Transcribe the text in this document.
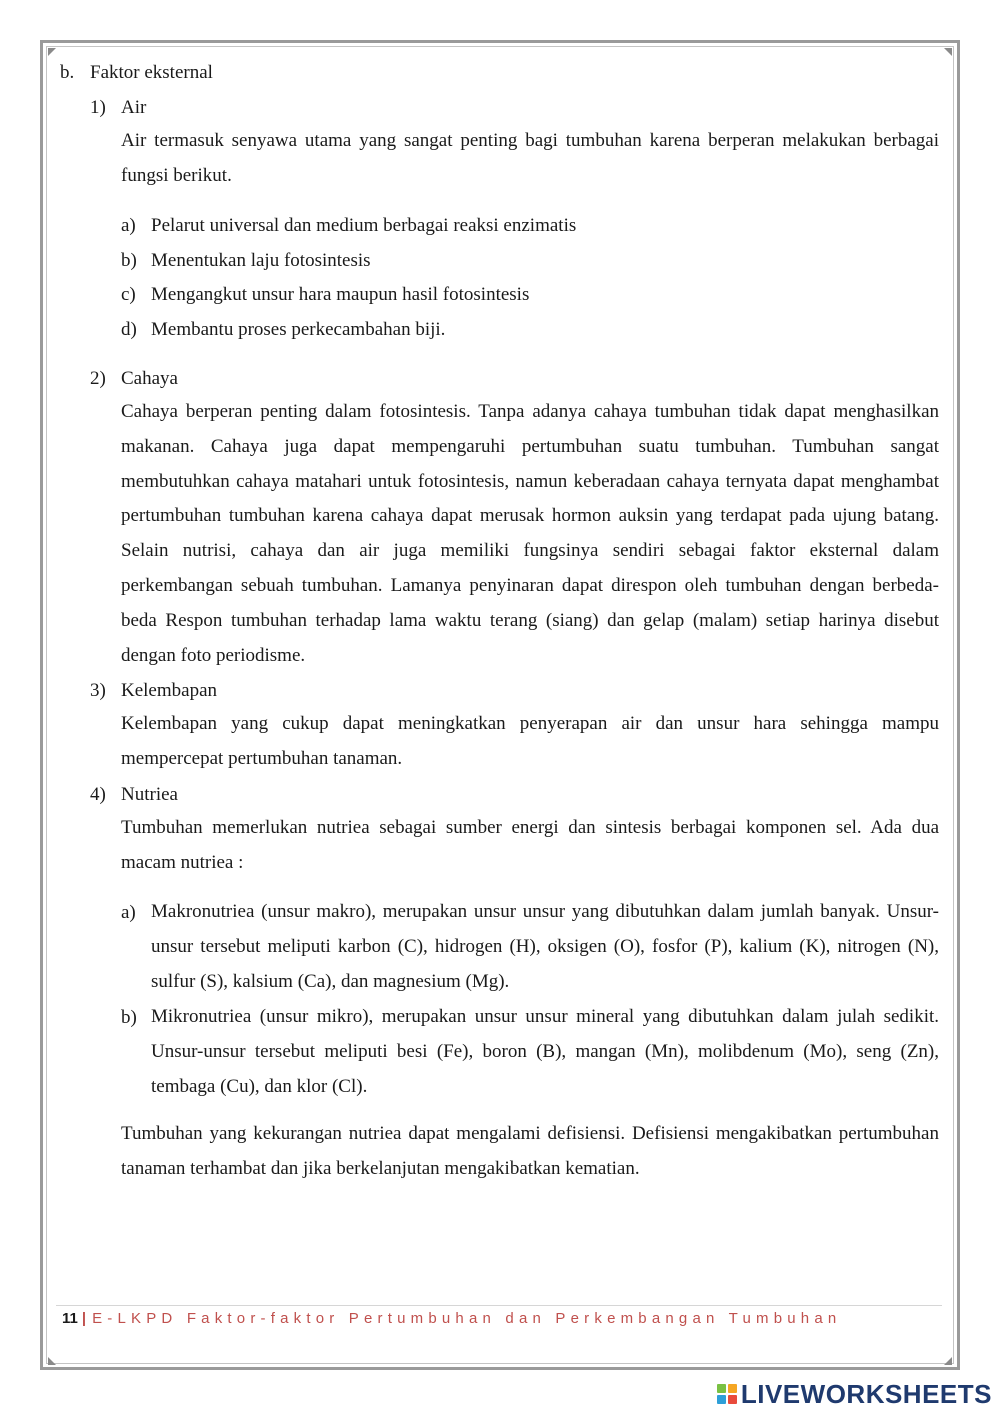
b. Faktor eksternal
1) Air
Air termasuk senyawa utama yang sangat penting bagi tumbuhan karena berperan melakukan berbagai fungsi berikut.
a) Pelarut universal dan medium berbagai reaksi enzimatis
b) Menentukan laju fotosintesis
c) Mengangkut unsur hara maupun hasil fotosintesis
d) Membantu proses perkecambahan biji.
2) Cahaya
Cahaya berperan penting dalam fotosintesis. Tanpa adanya cahaya tumbuhan tidak dapat menghasilkan makanan. Cahaya juga dapat mempengaruhi pertumbuhan suatu tumbuhan. Tumbuhan sangat membutuhkan cahaya matahari untuk fotosintesis, namun keberadaan cahaya ternyata dapat menghambat pertumbuhan tumbuhan karena cahaya dapat merusak hormon auksin yang terdapat pada ujung batang. Selain nutrisi, cahaya dan air juga memiliki fungsinya sendiri sebagai faktor eksternal dalam perkembangan sebuah tumbuhan. Lamanya penyinaran dapat direspon oleh tumbuhan dengan berbeda-beda Respon tumbuhan terhadap lama waktu terang (siang) dan gelap (malam) setiap harinya disebut dengan foto periodisme.
3) Kelembapan
Kelembapan yang cukup dapat meningkatkan penyerapan air dan unsur hara sehingga mampu mempercepat pertumbuhan tanaman.
4) Nutriea
Tumbuhan memerlukan nutriea sebagai sumber energi dan sintesis berbagai komponen sel. Ada dua macam nutriea :
a) Makronutriea (unsur makro), merupakan unsur unsur yang dibutuhkan dalam jumlah banyak. Unsur-unsur tersebut meliputi karbon (C), hidrogen (H), oksigen (O), fosfor (P), kalium (K), nitrogen (N), sulfur (S), kalsium (Ca), dan magnesium (Mg).
b) Mikronutriea (unsur mikro), merupakan unsur unsur mineral yang dibutuhkan dalam julah sedikit. Unsur-unsur tersebut meliputi besi (Fe), boron (B), mangan (Mn), molibdenum (Mo), seng (Zn), tembaga (Cu), dan klor (Cl).
Tumbuhan yang kekurangan nutriea dapat mengalami defisiensi. Defisiensi mengakibatkan pertumbuhan tanaman terhambat dan jika berkelanjutan mengakibatkan kematian.
11 | E-LKPD Faktor-faktor Pertumbuhan dan Perkembangan Tumbuhan
LIVEWORKSHEETS
